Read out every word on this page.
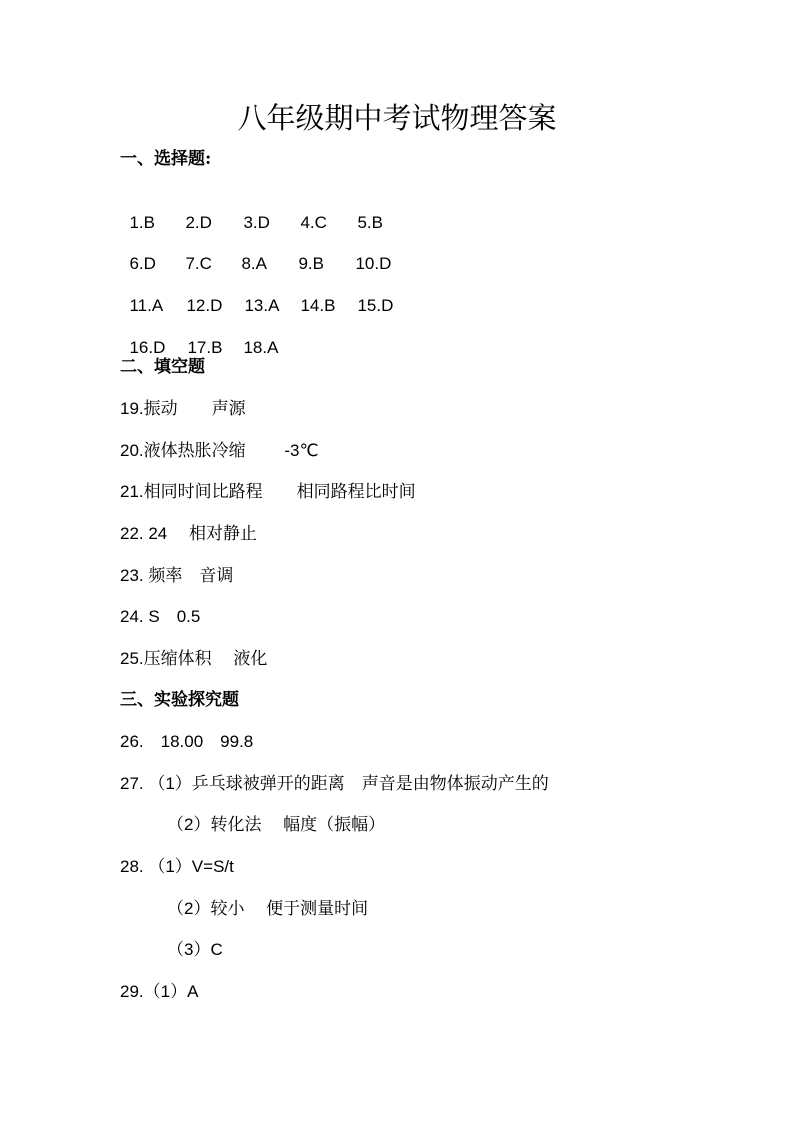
八年级期中考试物理答案
一、选择题:

1.B 2.D 3.D 4.C 5.B

6.D 7.C 8.A 9.B 10.D

11.A 12.D 13.A 14.B 15.D

16.D 17.B 18.A

二、填空题
19.振动　　声源
20.液体热胀冷缩　　 -3℃
21.相同时间比路程　　相同路程比时间
22. 24　 相对静止
23. 频率　音调
24. S　0.5
25.压缩体积　 液化
三、实验探究题
26.　18.00　99.8
27. （1）乒乓球被弹开的距离　声音是由物体振动产生的
（2）转化法　 幅度（振幅）
28. （1）V=S/t
（2）较小　 便于测量时间
（3）C
29.（1）A
